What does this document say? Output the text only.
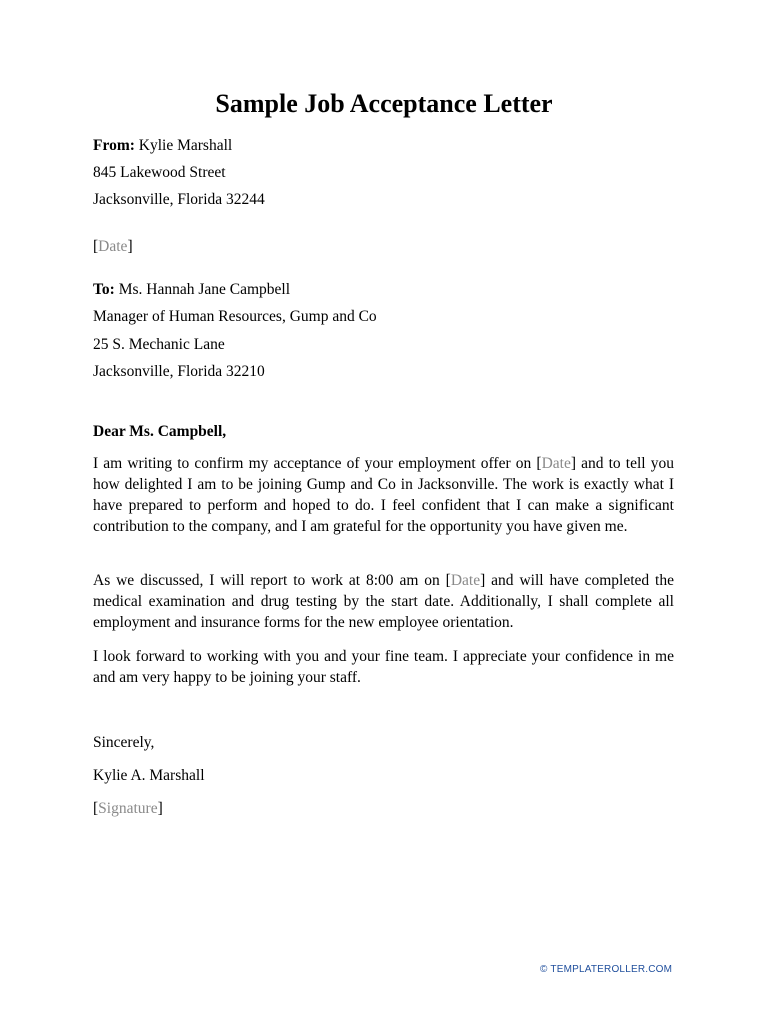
Sample Job Acceptance Letter
From: Kylie Marshall
845 Lakewood Street
Jacksonville, Florida 32244
[Date]
To: Ms. Hannah Jane Campbell
Manager of Human Resources, Gump and Co
25 S. Mechanic Lane
Jacksonville, Florida 32210
Dear Ms. Campbell,
I am writing to confirm my acceptance of your employment offer on [Date] and to tell you how delighted I am to be joining Gump and Co in Jacksonville. The work is exactly what I have prepared to perform and hoped to do. I feel confident that I can make a significant contribution to the company, and I am grateful for the opportunity you have given me.
As we discussed, I will report to work at 8:00 am on [Date] and will have completed the medical examination and drug testing by the start date. Additionally, I shall complete all employment and insurance forms for the new employee orientation.
I look forward to working with you and your fine team. I appreciate your confidence in me and am very happy to be joining your staff.
Sincerely,
Kylie A. Marshall
[Signature]
© TEMPLATEROLLER.COM
